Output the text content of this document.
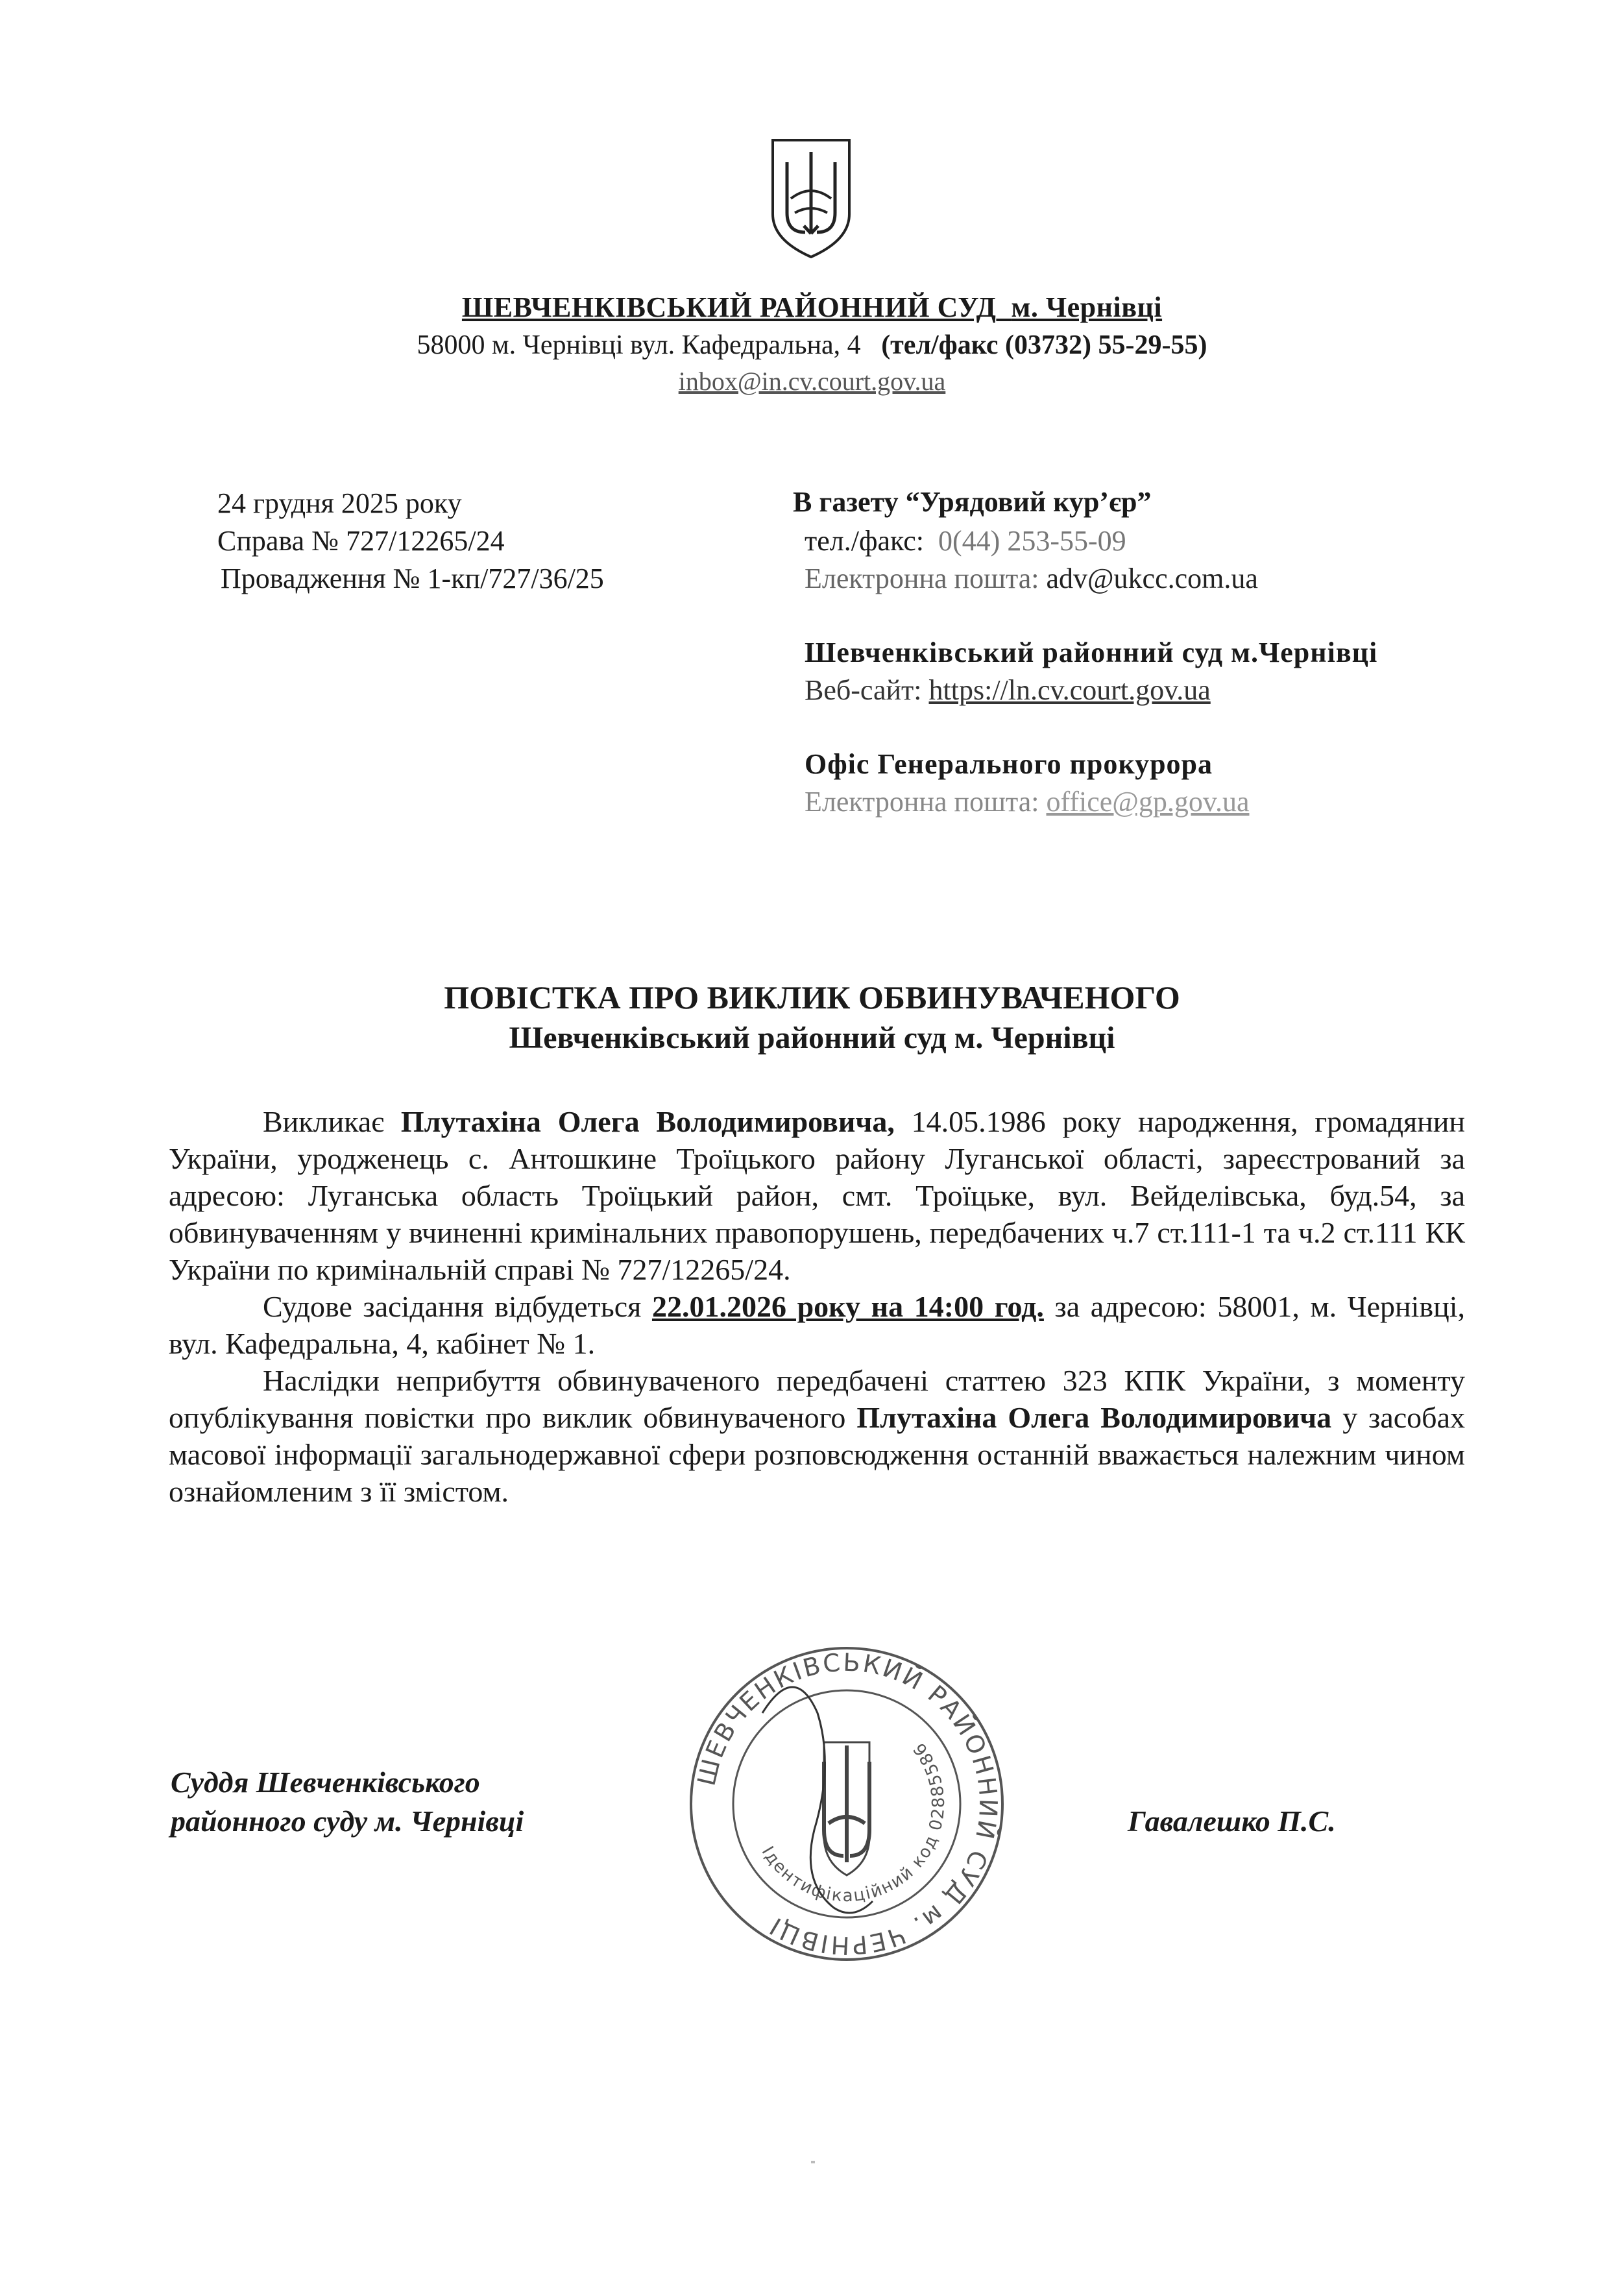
ШЕВЧЕНКІВСЬКИЙ РАЙОННИЙ СУД м. Чернівці
58000 м. Чернівці вул. Кафедральна, 4 (тел/факс (03732) 55-29-55)
inbox@in.cv.court.gov.ua
24 грудня 2025 року
Справа № 727/12265/24
Провадження № 1-кп/727/36/25
В газету “Урядовий кур’єр”
тел./факс: 0(44) 253-55-09
Електронна пошта: adv@ukcc.com.ua
Шевченківський районний суд м.Чернівці
Веб-сайт: https://ln.cv.court.gov.ua
Офіс Генерального прокурора
Електронна пошта: office@gp.gov.ua
ПОВІСТКА ПРО ВИКЛИК ОБВИНУВАЧЕНОГО
Шевченківський районний суд м. Чернівці

Викликає Плутахіна Олега Володимировича, 14.05.1986 року народження, громадянин України, уродженець с. Антошкине Троїцького району Луганської області, зареєстрований за адресою: Луганська область Троїцький район, смт. Троїцьке, вул. Вейделівська, буд.54, за обвинуваченням у вчиненні кримінальних правопорушень, передбачених ч.7 ст.111-1 та ч.2 ст.111 КК України по кримінальній справі № 727/12265/24.

Судове засідання відбудеться 22.01.2026 року на 14:00 год. за адресою: 58001, м. Чернівці, вул. Кафедральна, 4, кабінет № 1.

Наслідки неприбуття обвинуваченого передбачені статтею 323 КПК України, з моменту опублікування повістки про виклик обвинуваченого Плутахіна Олега Володимировича у засобах масової інформації загальнодержавної сфери розповсюдження останній вважається належним чином ознайомленим з її змістом.

Суддя Шевченківського
районного суду м. Чернівці	Гавалешко П.С.
ШЕВЧЕНКІВСЬКИЙ РАЙОННИЙ СУД м. ЧЕРНІВЦІ
Ідентифікаційний код 02885586
